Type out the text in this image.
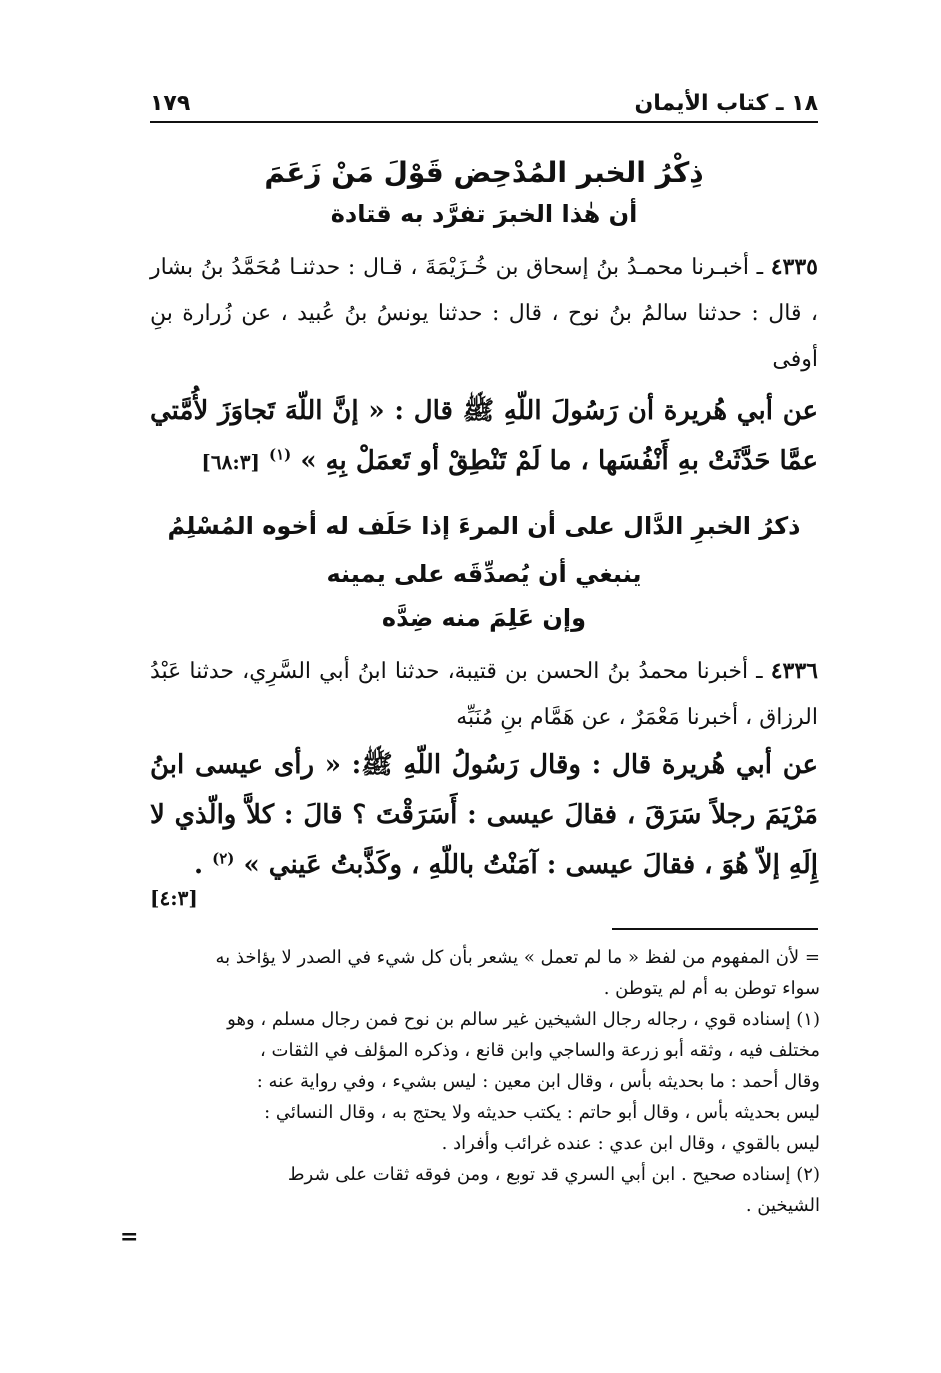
١٧٩	١٨ ـ كتاب الأيمان
ذِكْرُ الخبر المُدْحِض قَوْلَ مَنْ زَعَمَ
أن هٰذا الخبرَ تفرَّد به قتادة
٤٣٣٥ ـ أخبـرنا محمـدُ بنُ إسحاق بن خُـزَيْمَةَ ، قـال : حدثنـا مُحَمَّدُ بنُ بشار ، قال : حدثنا سالمُ بنُ نوح ، قال : حدثنا يونسُ بنُ عُبيد ، عن زُرارة بنِ أوفى
عن أبي هُريرة أن رَسُولَ اللّهِ ﷺ قال : « إنَّ اللّهَ تَجاوَزَ لأُمَّتي عمَّا حَدَّثَتْ بهِ أَنْفُسَها ، ما لَمْ تَنْطِقْ أو تَعمَلْ بِهِ » $^{(١)}$ [٦٨:٣]
ذكرُ الخبرِ الدَّال على أن المرءَ إذا حَلَف له أخوه المُسْلِمُ
ينبغي أن يُصدِّقَه على يمينه
وإن عَلِمَ منه ضِدَّه
٤٣٣٦ ـ أخبرنا محمدُ بنُ الحسن بن قتيبة، حدثنا ابنُ أبي السَّرِي، حدثنا عَبْدُ الرزاق ، أخبرنا مَعْمَرٌ ، عن هَمَّام بنِ مُنَبِّه
عن أبي هُريرة قال : وقال رَسُولُ اللّهِ ﷺ: « رأى عيسى ابنُ مَرْيَمَ رجلاً سَرَقَ ، فقالَ عيسى : أَسَرَقْتَ ؟ قالَ : كلاَّ والّذي لا إِلَهِ إلاّ هُوَ ، فقالَ عيسى : آمَنْتُ باللّهِ ، وكَذَّبتُ عَيني » $^{(٢)}$ .
[٤:٣]
= لأن المفهوم من لفظ « ما لم تعمل » يشعر بأن كل شيء في الصدر لا يؤاخذ به
سواء توطن به أم لم يتوطن .
(١) إسناده قوي ، رجاله رجال الشيخين غير سالم بن نوح فمن رجال مسلم ، وهو
مختلف فيه ، وثقه أبو زرعة والساجي وابن قانع ، وذكره المؤلف في الثقات ،
وقال أحمد : ما بحديثه بأس ، وقال ابن معين : ليس بشيء ، وفي رواية عنه :
ليس بحديثه بأس ، وقال أبو حاتم : يكتب حديثه ولا يحتج به ، وقال النسائي :
ليس بالقوي ، وقال ابن عدي : عنده غرائب وأفراد .
(٢) إسناده صحيح . ابن أبي السري قد توبع ، ومن فوقه ثقات على شرط
الشيخين .
=
